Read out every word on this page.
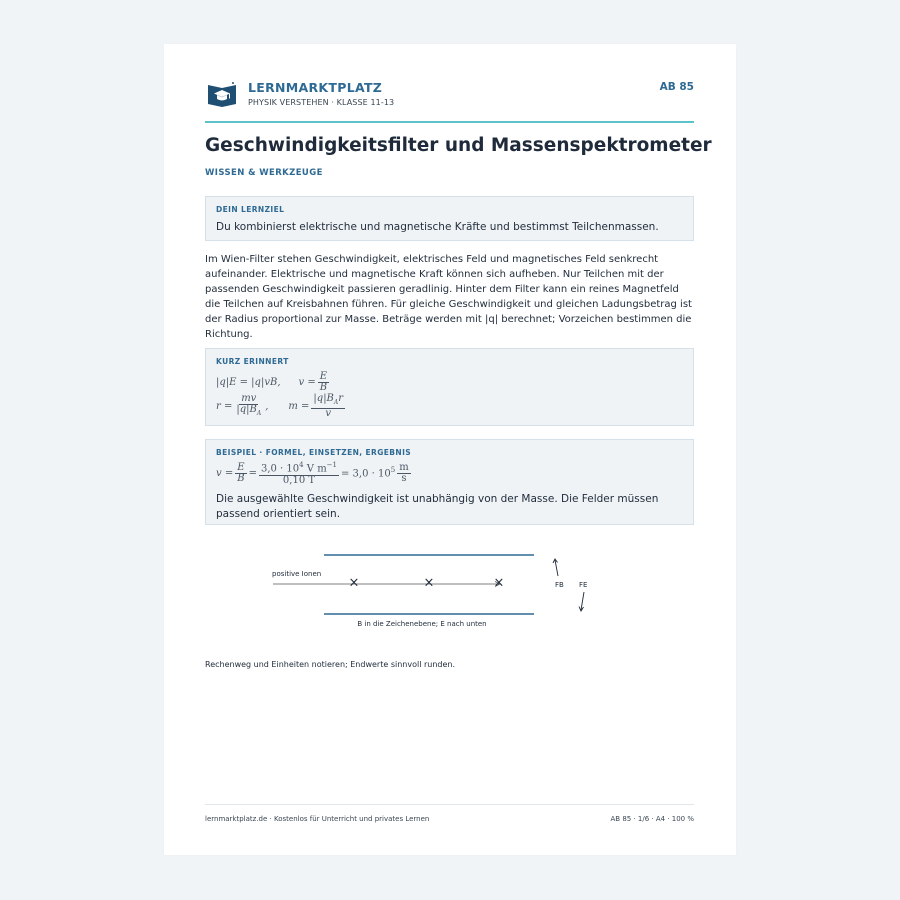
LERNMARKTPLATZ
PHYSIK VERSTEHEN · KLASSE 11-13
AB 85
Geschwindigkeitsfilter und Massenspektrometer
WISSEN & WERKZEUGE
DEIN LERNZIEL
Du kombinierst elektrische und magnetische Kräfte und bestimmst Teilchenmassen.
Im Wien-Filter stehen Geschwindigkeit, elektrisches Feld und magnetisches Feld senkrecht aufeinander. Elektrische und magnetische Kraft können sich aufheben. Nur Teilchen mit der passenden Geschwindigkeit passieren geradlinig. Hinter dem Filter kann ein reines Magnetfeld die Teilchen auf Kreisbahnen führen. Für gleiche Geschwindigkeit und gleichen Ladungsbetrag ist der Radius proportional zur Masse. Beträge werden mit |q| berechnet; Vorzeichen bestimmen die Richtung.
KURZ ERINNERT
|q|E = |q|vB, $v = \frac{E}{B}$
$r = \frac{mv}{|q|B_A}$ , $m = \frac{|q|B_Ar}{v}$
BEISPIEL · FORMEL, EINSETZEN, ERGEBNIS
$v = \frac{E}{B} = \frac{3,0 \cdot 10^4 V m^{-1}}{0,10 T} = 3,0 \cdot 10^5 \frac{m}{s}$
Die ausgewählte Geschwindigkeit ist unabhängig von der Masse. Die Felder müssen passend orientiert sein.
positive Ionen
×	×	×
B in die Zeichenebene; E nach unten
FB FE
Rechenweg und Einheiten notieren; Endwerte sinnvoll runden.
lernmarktplatz.de · Kostenlos für Unterricht und privates Lernen	AB 85 · 1/6 · A4 · 100 %
